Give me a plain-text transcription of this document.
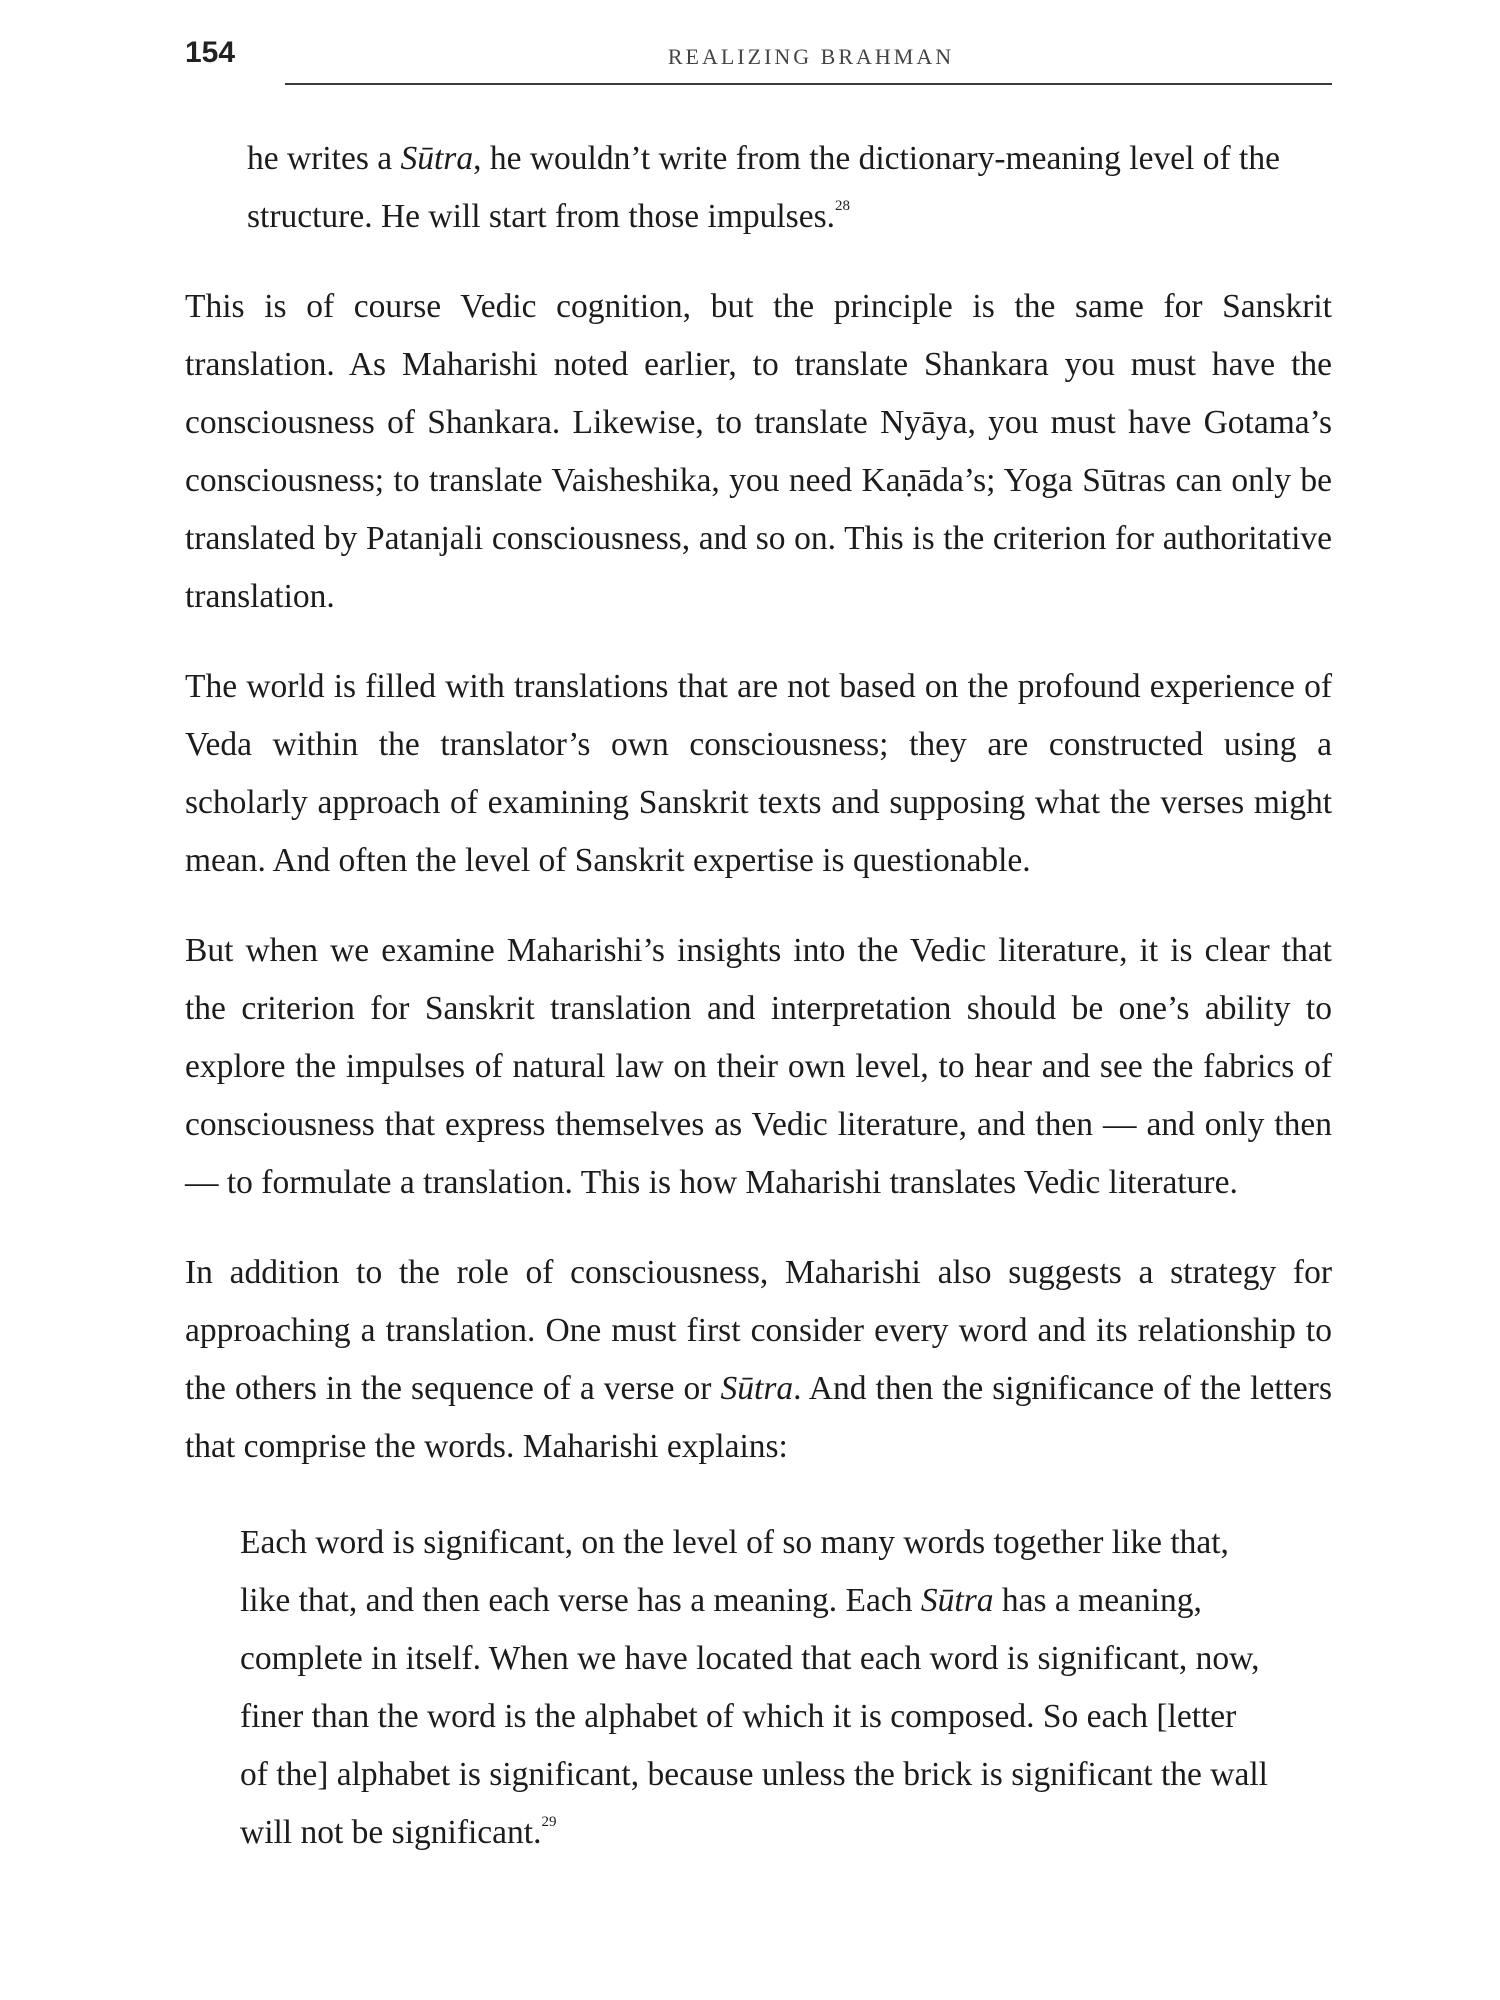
154	REALIZING BRAHMAN

he writes a Sūtra, he wouldn’t write from the dictionary-meaning level of the structure. He will start from those impulses.$^{28}$

This is of course Vedic cognition, but the principle is the same for Sanskrit translation. As Maharishi noted earlier, to translate Shankara you must have the consciousness of Shankara. Likewise, to translate Nyāya, you must have Gotama’s consciousness; to translate Vaisheshika, you need Kaṇāda’s; Yoga Sūtras can only be translated by Patanjali consciousness, and so on. This is the criterion for authoritative translation.

The world is filled with translations that are not based on the profound experience of Veda within the translator’s own consciousness; they are constructed using a scholarly approach of examining Sanskrit texts and supposing what the verses might mean. And often the level of Sanskrit expertise is questionable.

But when we examine Maharishi’s insights into the Vedic literature, it is clear that the criterion for Sanskrit translation and interpretation should be one’s ability to explore the impulses of natural law on their own level, to hear and see the fabrics of consciousness that express themselves as Vedic literature, and then — and only then — to formulate a translation. This is how Maharishi translates Vedic literature.

In addition to the role of consciousness, Maharishi also suggests a strategy for approaching a translation. One must first consider every word and its relationship to the others in the sequence of a verse or Sūtra. And then the significance of the letters that comprise the words. Maharishi explains:

Each word is significant, on the level of so many words together like that, like that, and then each verse has a meaning. Each Sūtra has a meaning, complete in itself. When we have located that each word is significant, now, finer than the word is the alphabet of which it is composed. So each [letter of the] alphabet is significant, because unless the brick is significant the wall will not be significant.$^{29}$
